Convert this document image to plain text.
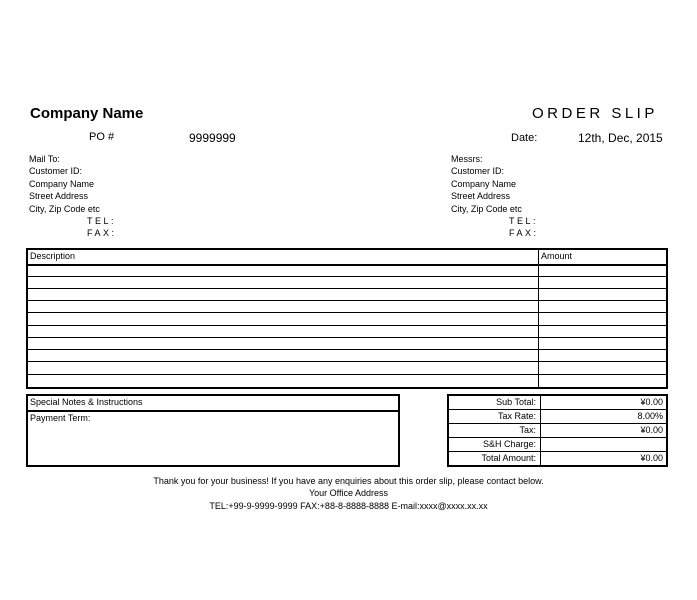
Company Name	ORDER SLIP
PO #	9999999	Date:	12th, Dec, 2015
Mail To:
Customer ID:
Company Name
Street Address
City, Zip Code etc
TEL:
FAX:
Messrs:
Customer ID:
Company Name
Street Address
City, Zip Code etc
TEL:
FAX:
Description	Amount
Special Notes & Instructions
Payment Term:
Sub Total:	¥0.00
Tax Rate:	8.00%
Tax:	¥0.00
S&H Charge:
Total Amount:	¥0.00
Thank you for your business! If you have any enquiries about this order slip, please contact below.
Your Office Address
TEL:+99-9-9999-9999 FAX:+88-8-8888-8888 E-mail:xxxx@xxxx.xx.xx
